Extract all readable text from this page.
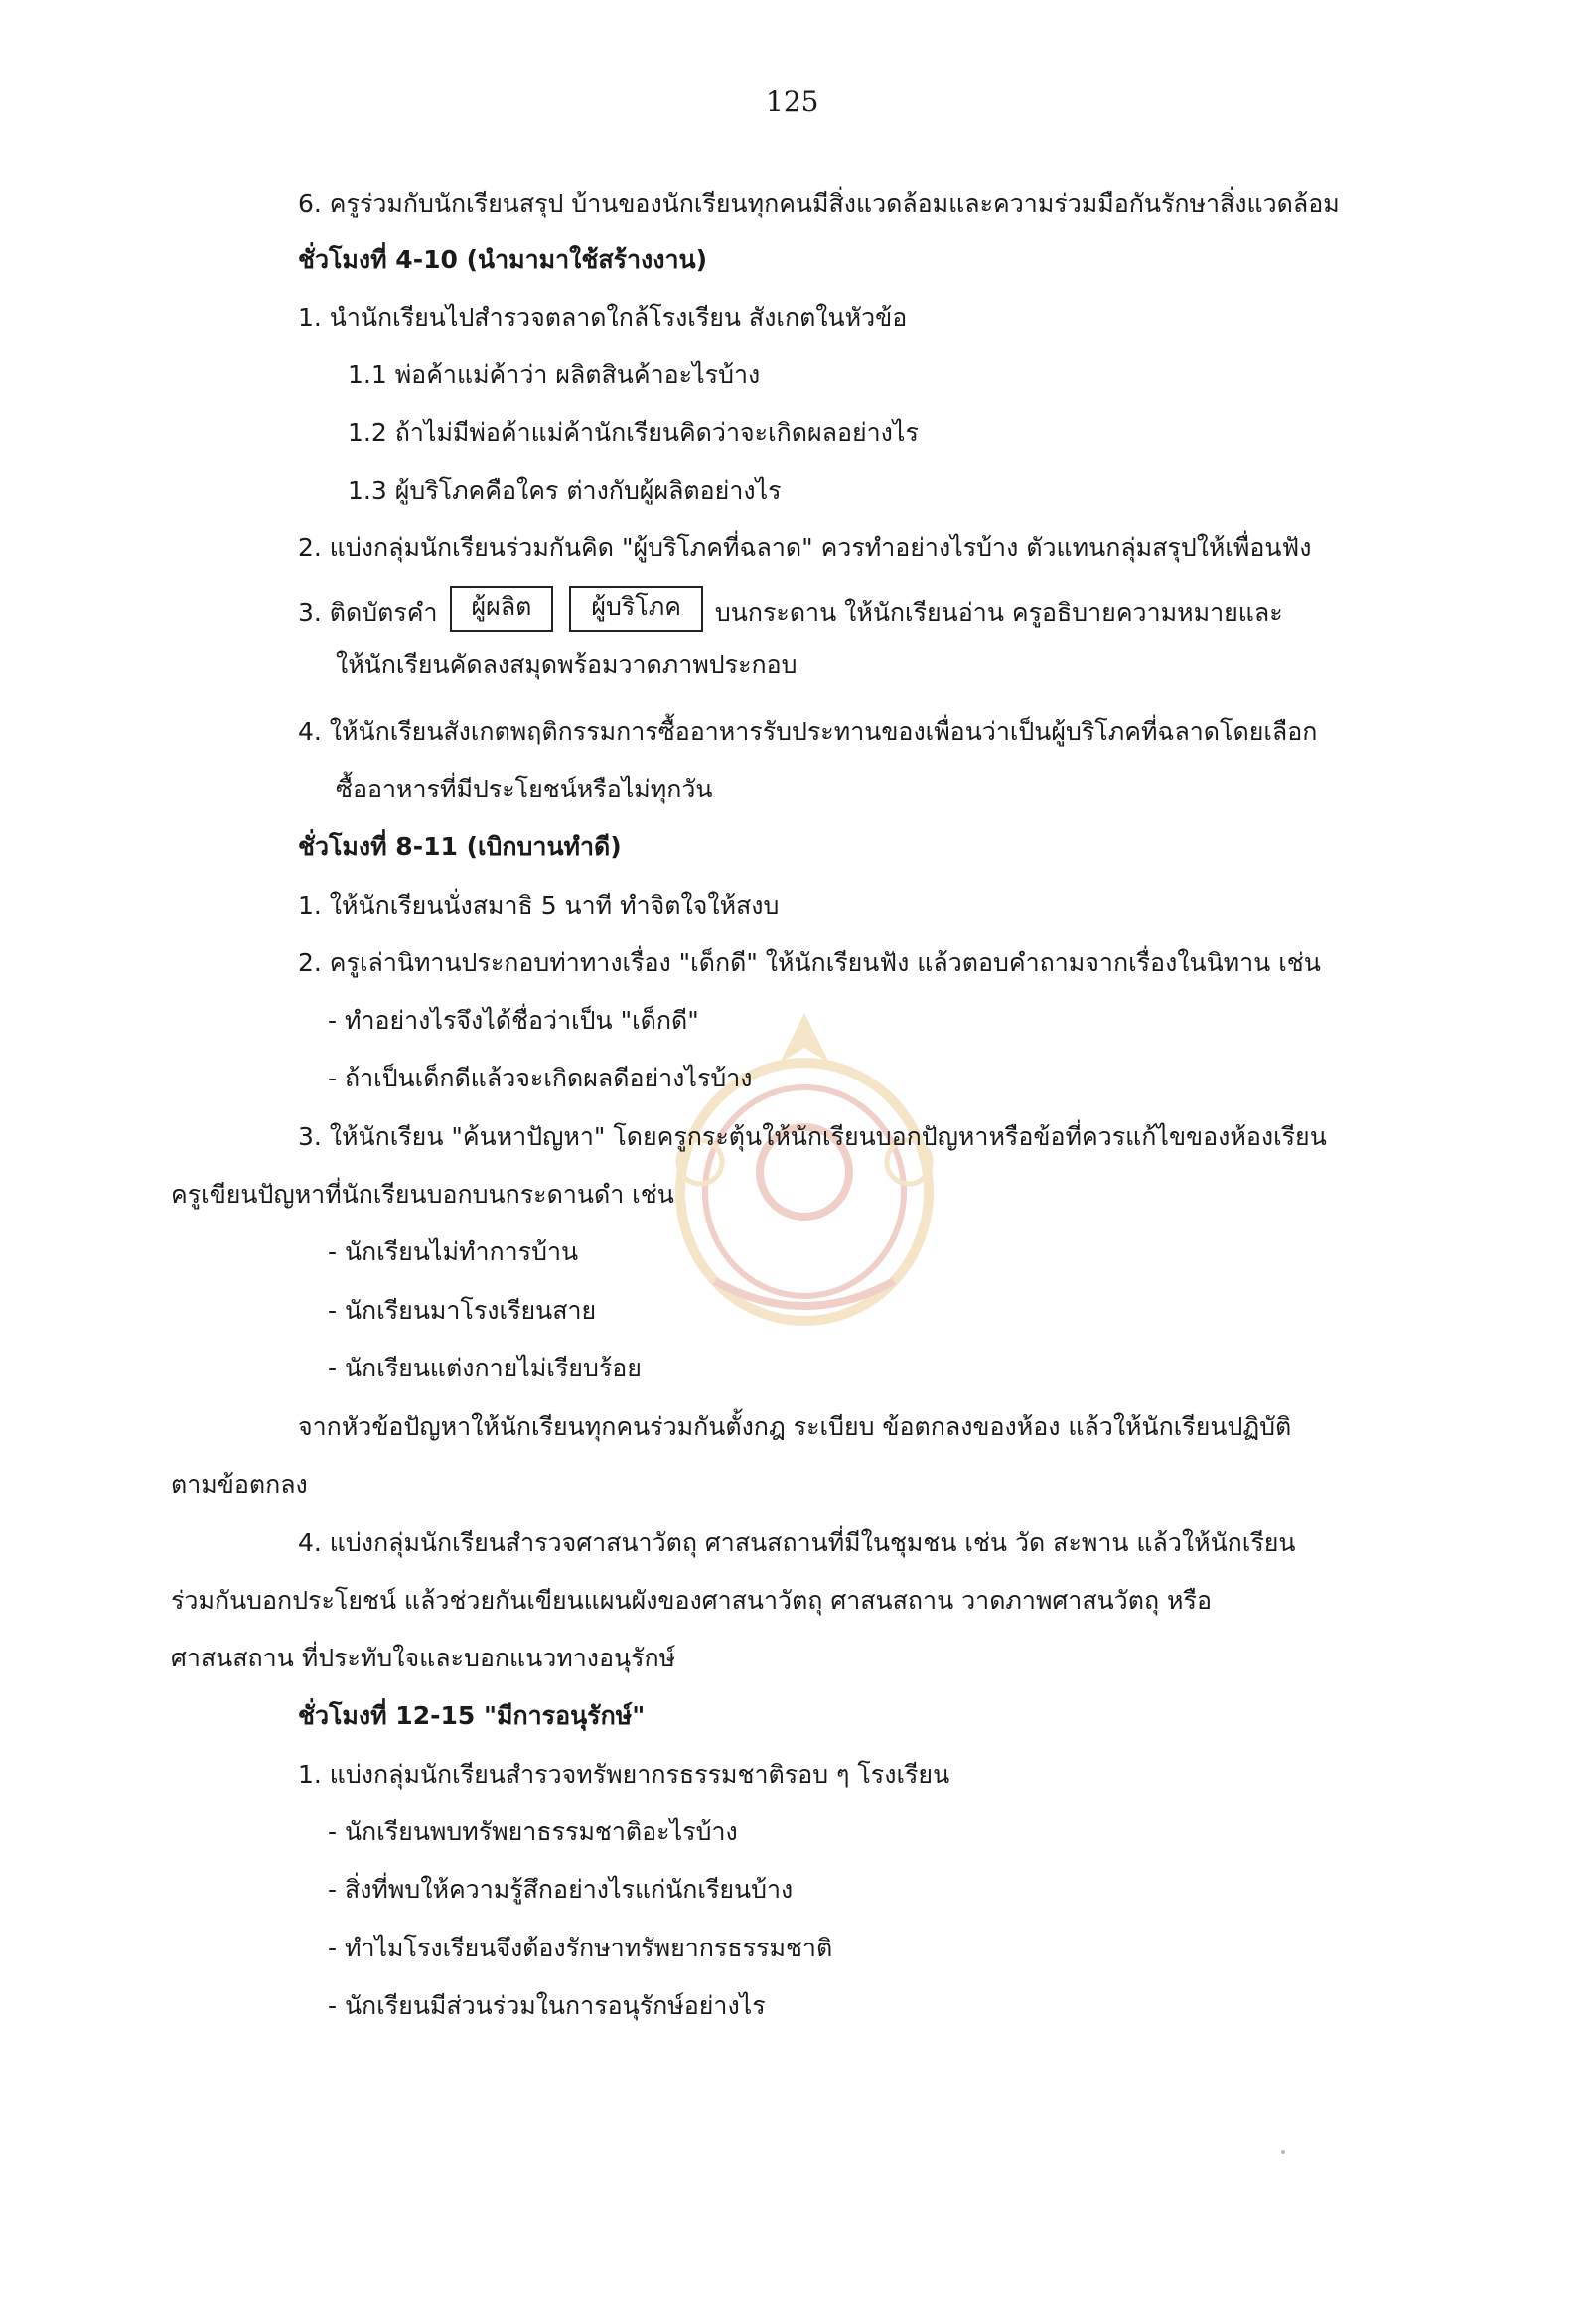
125
6. ครูร่วมกับนักเรียนสรุป บ้านของนักเรียนทุกคนมีสิ่งแวดล้อมและความร่วมมือกันรักษาสิ่งแวดล้อม
ชั่วโมงที่ 4-10 (นำมามาใช้สร้างงาน)
1. นำนักเรียนไปสำรวจตลาดใกล้โรงเรียน สังเกตในหัวข้อ
1.1 พ่อค้าแม่ค้าว่า ผลิตสินค้าอะไรบ้าง
1.2 ถ้าไม่มีพ่อค้าแม่ค้านักเรียนคิดว่าจะเกิดผลอย่างไร
1.3 ผู้บริโภคคือใคร ต่างกับผู้ผลิตอย่างไร
2. แบ่งกลุ่มนักเรียนร่วมกันคิด "ผู้บริโภคที่ฉลาด" ควรทำอย่างไรบ้าง ตัวแทนกลุ่มสรุปให้เพื่อนฟัง
3. ติดบัตรคำ ผู้ผลิต ผู้บริโภค บนกระดาน ให้นักเรียนอ่าน ครูอธิบายความหมายและ
ให้นักเรียนคัดลงสมุดพร้อมวาดภาพประกอบ
4. ให้นักเรียนสังเกตพฤติกรรมการซื้ออาหารรับประทานของเพื่อนว่าเป็นผู้บริโภคที่ฉลาดโดยเลือก
ซื้ออาหารที่มีประโยชน์หรือไม่ทุกวัน
ชั่วโมงที่ 8-11 (เบิกบานทำดี)
1. ให้นักเรียนนั่งสมาธิ 5 นาที ทำจิตใจให้สงบ
2. ครูเล่านิทานประกอบท่าทางเรื่อง "เด็กดี" ให้นักเรียนฟัง แล้วตอบคำถามจากเรื่องในนิทาน เช่น
- ทำอย่างไรจึงได้ชื่อว่าเป็น "เด็กดี"
- ถ้าเป็นเด็กดีแล้วจะเกิดผลดีอย่างไรบ้าง
3. ให้นักเรียน "ค้นหาปัญหา" โดยครูกระตุ้นให้นักเรียนบอกปัญหาหรือข้อที่ควรแก้ไขของห้องเรียน
ครูเขียนปัญหาที่นักเรียนบอกบนกระดานดำ เช่น
- นักเรียนไม่ทำการบ้าน
- นักเรียนมาโรงเรียนสาย
- นักเรียนแต่งกายไม่เรียบร้อย
จากหัวข้อปัญหาให้นักเรียนทุกคนร่วมกันตั้งกฎ ระเบียบ ข้อตกลงของห้อง แล้วให้นักเรียนปฏิบัติ
ตามข้อตกลง
4. แบ่งกลุ่มนักเรียนสำรวจศาสนาวัตถุ ศาสนสถานที่มีในชุมชน เช่น วัด สะพาน แล้วให้นักเรียน
ร่วมกันบอกประโยชน์ แล้วช่วยกันเขียนแผนผังของศาสนาวัตถุ ศาสนสถาน วาดภาพศาสนวัตถุ หรือ
ศาสนสถาน ที่ประทับใจและบอกแนวทางอนุรักษ์
ชั่วโมงที่ 12-15 "มีการอนุรักษ์"
1. แบ่งกลุ่มนักเรียนสำรวจทรัพยากรธรรมชาติรอบ ๆ โรงเรียน
- นักเรียนพบทรัพยาธรรมชาติอะไรบ้าง
- สิ่งที่พบให้ความรู้สึกอย่างไรแก่นักเรียนบ้าง
- ทำไมโรงเรียนจึงต้องรักษาทรัพยากรธรรมชาติ
- นักเรียนมีส่วนร่วมในการอนุรักษ์อย่างไร
